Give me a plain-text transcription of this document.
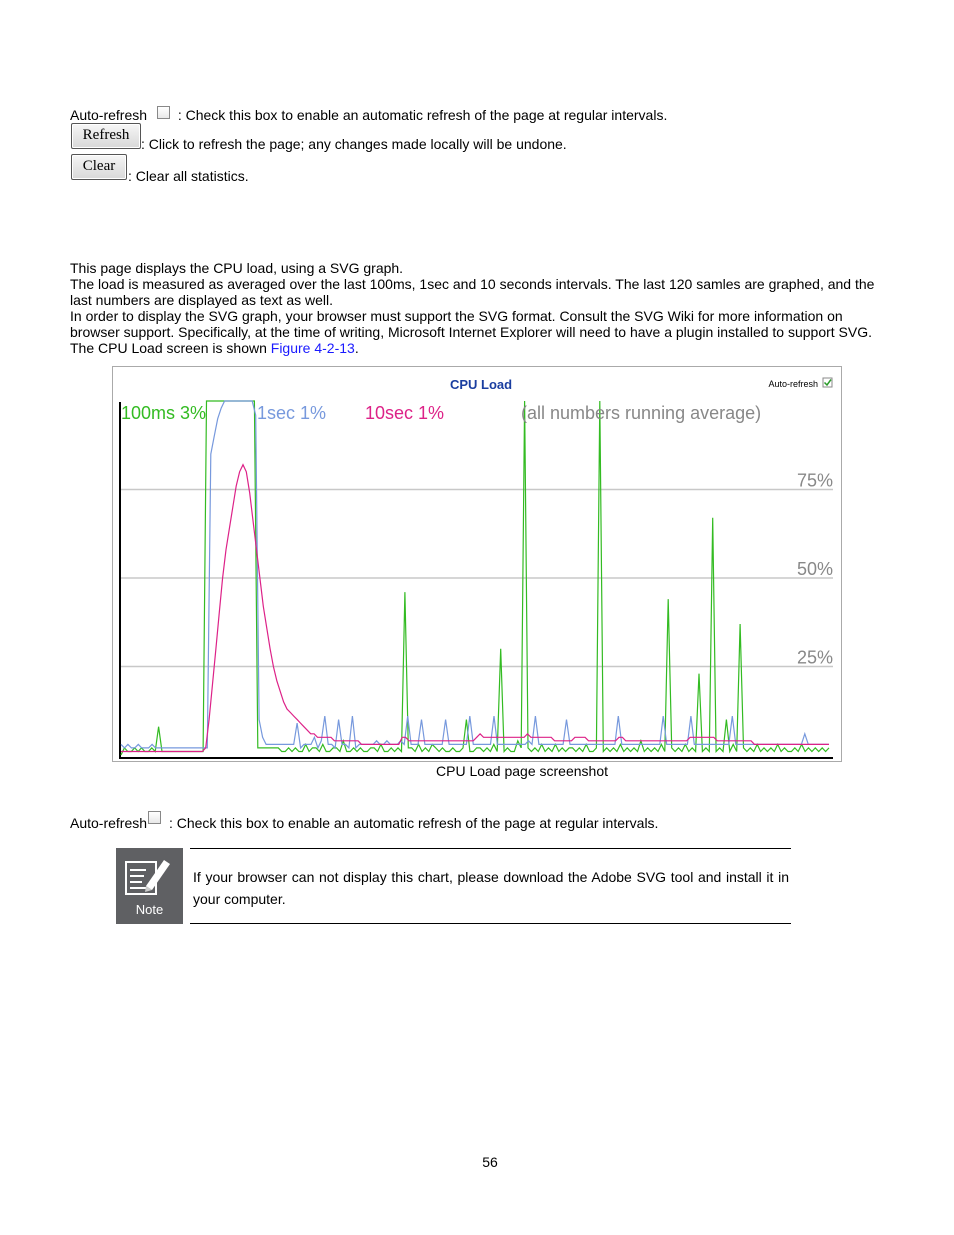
Auto-refresh : Check this box to enable an automatic refresh of the page at regular intervals.
Refresh
: Click to refresh the page; any changes made locally will be undone.
Clear
: Clear all statistics.
This page displays the CPU load, using a SVG graph.
The load is measured as averaged over the last 100ms, 1sec and 10 seconds intervals. The last 120 samles are graphed, and the last numbers are displayed as text as well.
In order to display the SVG graph, your browser must support the SVG format. Consult the SVG Wiki for more information on browser support. Specifically, at the time of writing, Microsoft Internet Explorer will need to have a plugin installed to support SVG.
The CPU Load screen is shown Figure 4-2-13.
CPU Load	Auto-refresh
75%
50%
25%
100ms 3%	1sec 1% 10sec 1%	(all numbers running average)
CPU Load page screenshot
Auto-refresh : Check this box to enable an automatic refresh of the page at regular intervals.
Note
If your browser can not display this chart, please download the Adobe SVG tool and install it in your computer.
56
